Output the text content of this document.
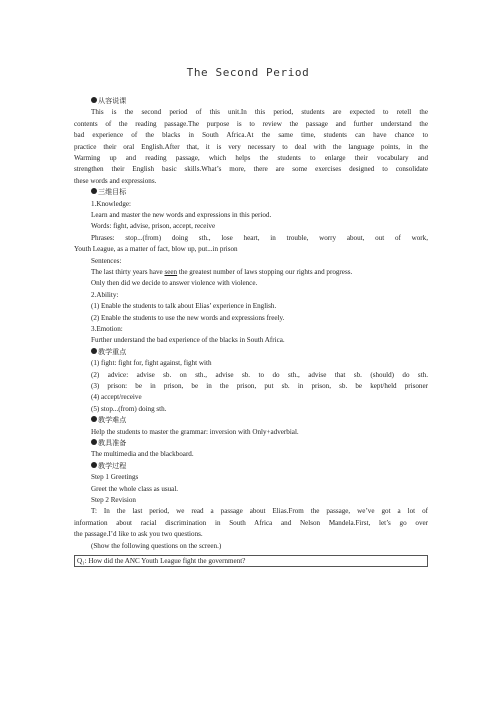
The Second Period
从容说课
This is the second period of this unit.In this period, students are expected to retell the
contents of the reading passage.The purpose is to review the passage and further understand the
bad experience of the blacks in South Africa.At the same time, students can have chance to
practice their oral English.After that, it is very necessary to deal with the language points, in the
Warming up and reading passage, which helps the students to enlarge their vocabulary and
strengthen their English basic skills.What’s more, there are some exercises designed to consolidate
these words and expressions.
三维目标
1.Knowledge:
Learn and master the new words and expressions in this period.
Words: fight, advise, prison, accept, receive
Phrases: stop...(from) doing sth., lose heart, in trouble, worry about, out of work,
Youth League, as a matter of fact, blow up, put...in prison
Sentences:
The last thirty years have seen the greatest number of laws stopping our rights and progress.
Only then did we decide to answer violence with violence.
2.Ability:
(1) Enable the students to talk about Elias’ experience in English.
(2) Enable the students to use the new words and expressions freely.
3.Emotion:
Further understand the bad experience of the blacks in South Africa.
教学重点
(1) fight: fight for, fight against, fight with
(2) advice: advise sb. on sth., advise sb. to do sth., advise that sb. (should) do sth.
(3) prison: be in prison, be in the prison, put sb. in prison, sb. be kept/held prisoner
(4) accept/receive
(5) stop...(from) doing sth.
教学难点
Help the students to master the grammar: inversion with Only+adverbial.
教具准备
The multimedia and the blackboard.
教学过程
Step 1 Greetings
Greet the whole class as usual.
Step 2 Revision
T: In the last period, we read a passage about Elias.From the passage, we’ve got a lot of
information about racial discrimination in South Africa and Nelson Mandela.First, let’s go over
the passage.I’d like to ask you two questions.
(Show the following questions on the screen.)
Q₁: How did the ANC Youth League fight the government?
